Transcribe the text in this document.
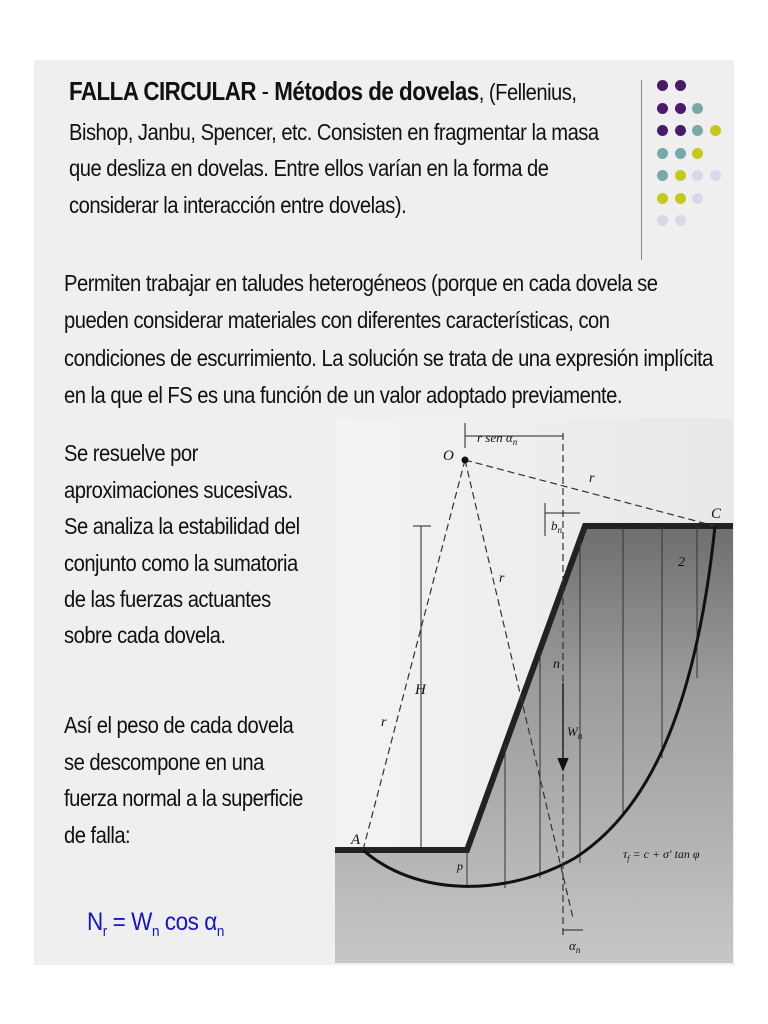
FALLA CIRCULAR - Métodos de dovelas, (Fellenius,
Bishop, Janbu, Spencer, etc. Consisten en fragmentar la masa
que desliza en dovelas. Entre ellos varían en la forma de
considerar la interacción entre dovelas).
Permiten trabajar en taludes heterogéneos (porque en cada dovela se
pueden considerar materiales con diferentes características, con
condiciones de escurrimiento. La solución se trata de una expresión implícita
en la que el FS es una función de un valor adoptado previamente.
Se resuelve por
aproximaciones sucesivas.
Se analiza la estabilidad del
conjunto como la sumatoria
de las fuerzas actuantes
sobre cada dovela.
Así el peso de cada dovela
se descompone en una
fuerza normal a la superficie
de falla:
$N_r = W_n$ $\cos \alpha_n$
O
A
C
p
H
r
r
r
r sen $\alpha_n$
$b_n$
n
$W_n$
2
$\alpha_n$
$\tau_f = c + \sigma'$ tan φ
